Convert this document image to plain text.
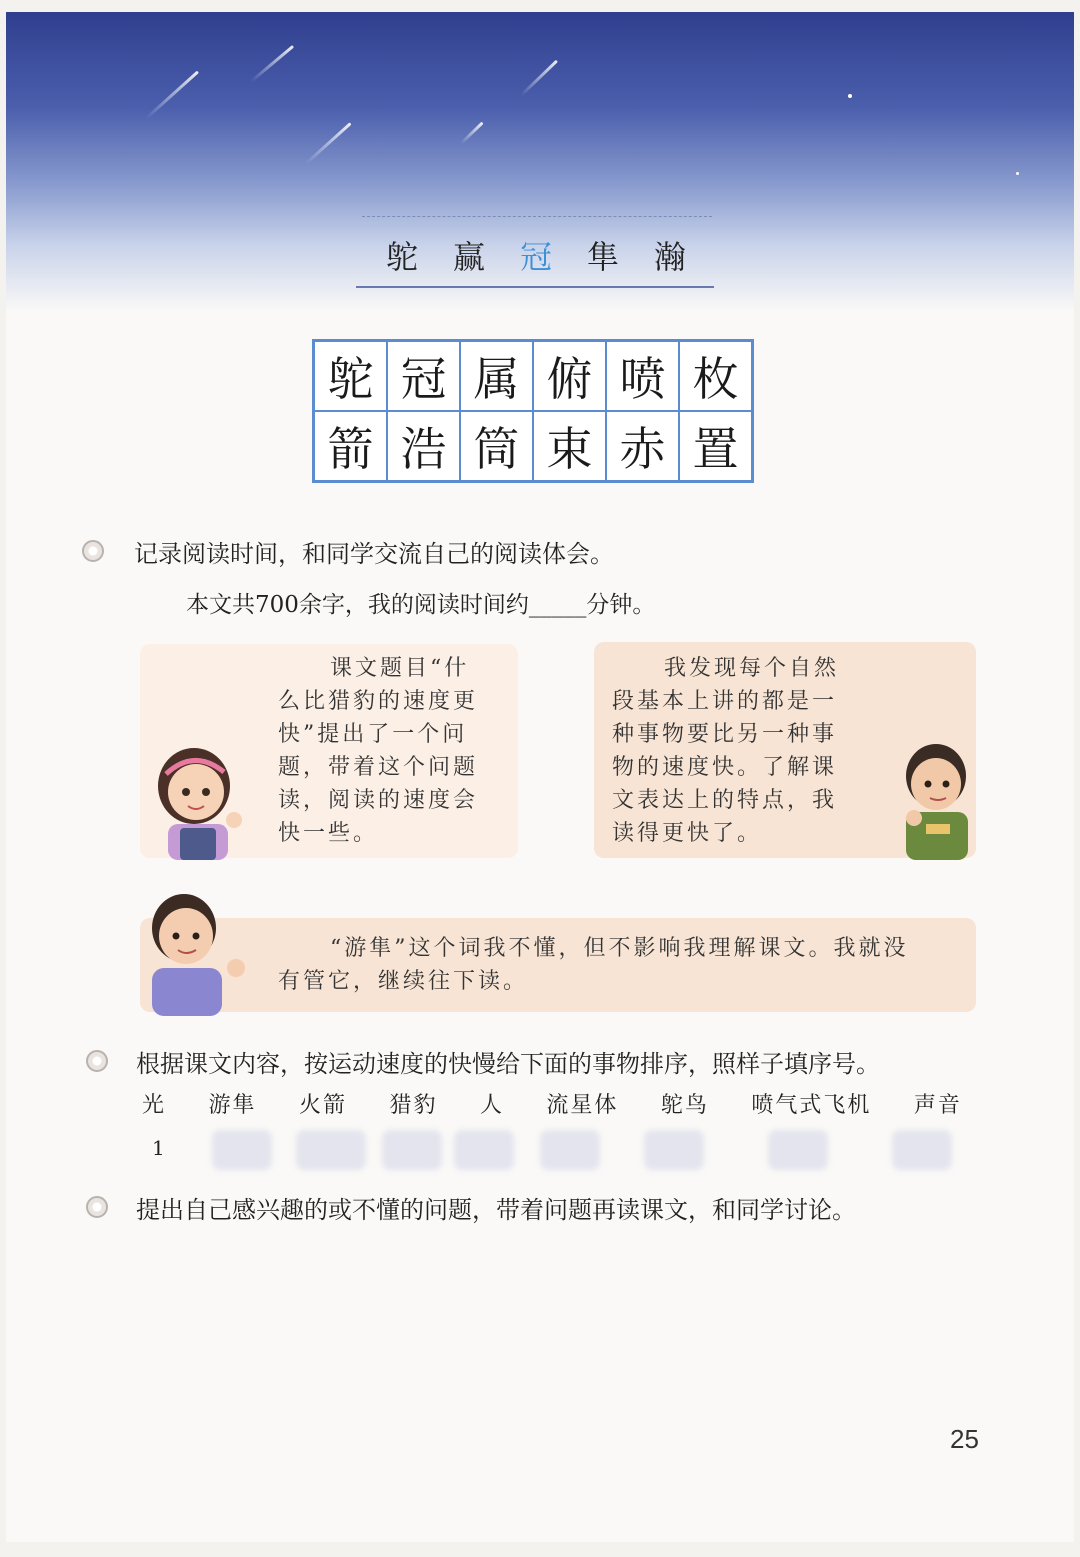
鸵 赢 冠 隼 瀚
鸵 冠 属 俯 喷 枚
箭 浩 筒 束 赤 置
记录阅读时间，和同学交流自己的阅读体会。
本文共700余字，我的阅读时间约_____分钟。
课文题目“什
么比猎豹的速度更
快”提出了一个问
题，带着这个问题
读，阅读的速度会
快一些。
我发现每个自然
段基本上讲的都是一
种事物要比另一种事
物的速度快。了解课
文表达上的特点，我
读得更快了。
“游隼”这个词我不懂，但不影响我理解课文。我就没
有管它，继续往下读。
根据课文内容，按运动速度的快慢给下面的事物排序，照样子填序号。
光 游隼 火箭 猎豹 人 流星体 鸵鸟 喷气式飞机 声音
1
提出自己感兴趣的或不懂的问题，带着问题再读课文，和同学讨论。
25
